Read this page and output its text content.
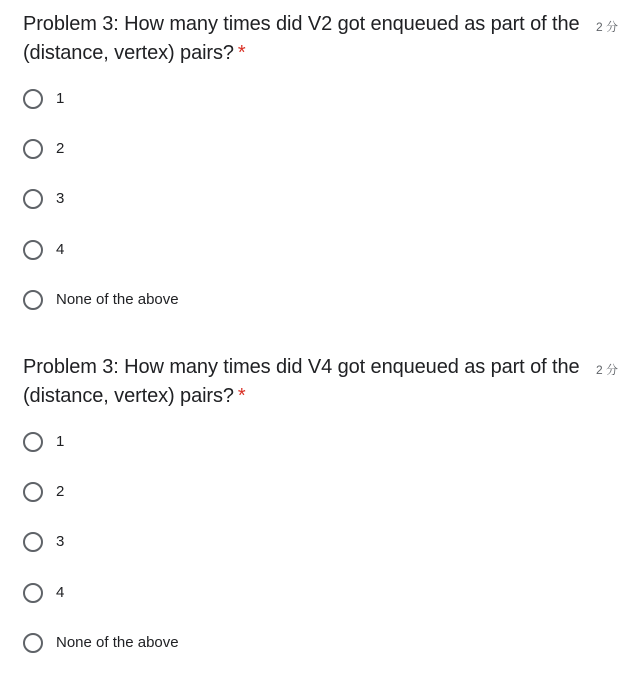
Problem 3: How many times did V2 got enqueued as part of the (distance, vertex) pairs? *

2 分
1
2
3
4
None of the above

Problem 3: How many times did V4 got enqueued as part of the (distance, vertex) pairs? *

2 分
1
2
3
4
None of the above
